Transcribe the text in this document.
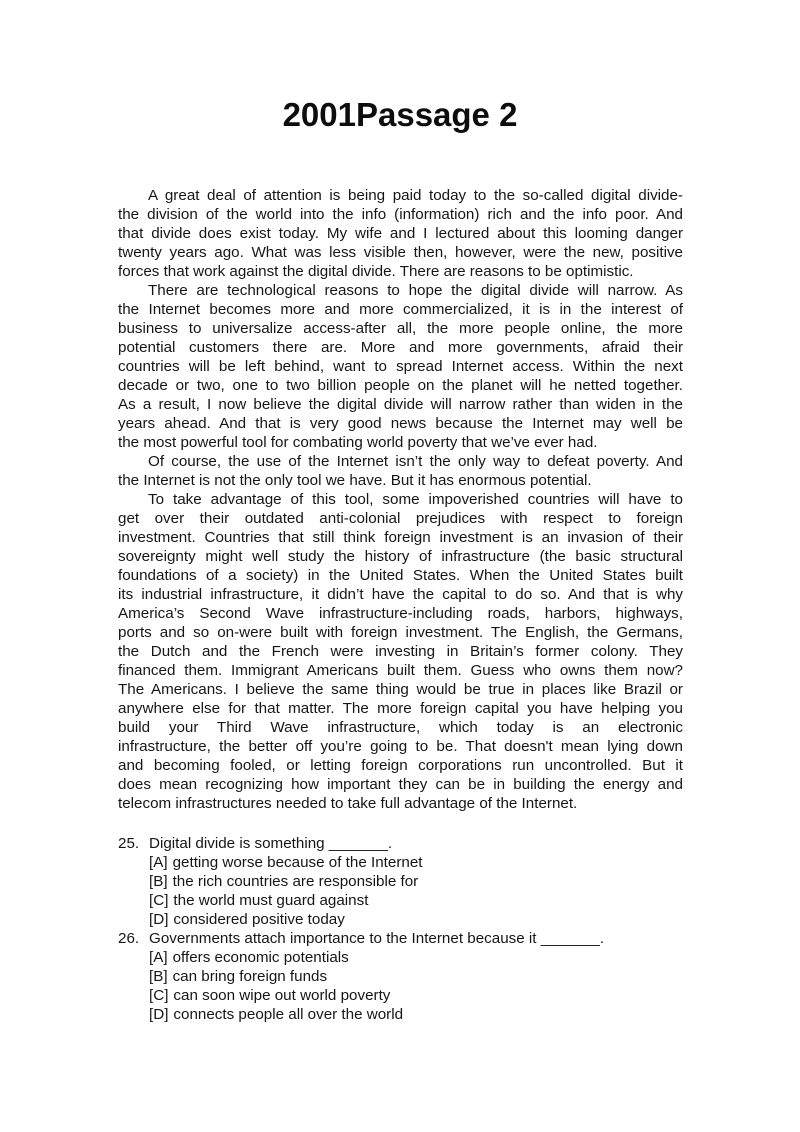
2001Passage 2
A great deal of attention is being paid today to the so-called digital divide-
the division of the world into the info (information) rich and the info poor. And
that divide does exist today. My wife and I lectured about this looming danger
twenty years ago. What was less visible then, however, were the new, positive
forces that work against the digital divide. There are reasons to be optimistic.
There are technological reasons to hope the digital divide will narrow. As
the Internet becomes more and more commercialized, it is in the interest of
business to universalize access-after all, the more people online, the more
potential customers there are. More and more governments, afraid their
countries will be left behind, want to spread Internet access. Within the next
decade or two, one to two billion people on the planet will he netted together.
As a result, I now believe the digital divide will narrow rather than widen in the
years ahead. And that is very good news because the Internet may well be
the most powerful tool for combating world poverty that we’ve ever had.
Of course, the use of the Internet isn’t the only way to defeat poverty. And
the Internet is not the only tool we have. But it has enormous potential.
To take advantage of this tool, some impoverished countries will have to
get over their outdated anti-colonial prejudices with respect to foreign
investment. Countries that still think foreign investment is an invasion of their
sovereignty might well study the history of infrastructure (the basic structural
foundations of a society) in the United States. When the United States built
its industrial infrastructure, it didn’t have the capital to do so. And that is why
America’s Second Wave infrastructure-including roads, harbors, highways,
ports and so on-were built with foreign investment. The English, the Germans,
the Dutch and the French were investing in Britain’s former colony. They
financed them. Immigrant Americans built them. Guess who owns them now?
The Americans. I believe the same thing would be true in places like Brazil or
anywhere else for that matter. The more foreign capital you have helping you
build your Third Wave infrastructure, which today is an electronic
infrastructure, the better off you’re going to be. That doesn't mean lying down
and becoming fooled, or letting foreign corporations run uncontrolled. But it
does mean recognizing how important they can be in building the energy and
telecom infrastructures needed to take full advantage of the Internet.
25. Digital divide is something _______.
[A] getting worse because of the Internet
[B] the rich countries are responsible for
[C] the world must guard against
[D] considered positive today
26. Governments attach importance to the Internet because it _______.
[A] offers economic potentials
[B] can bring foreign funds
[C] can soon wipe out world poverty
[D] connects people all over the world
